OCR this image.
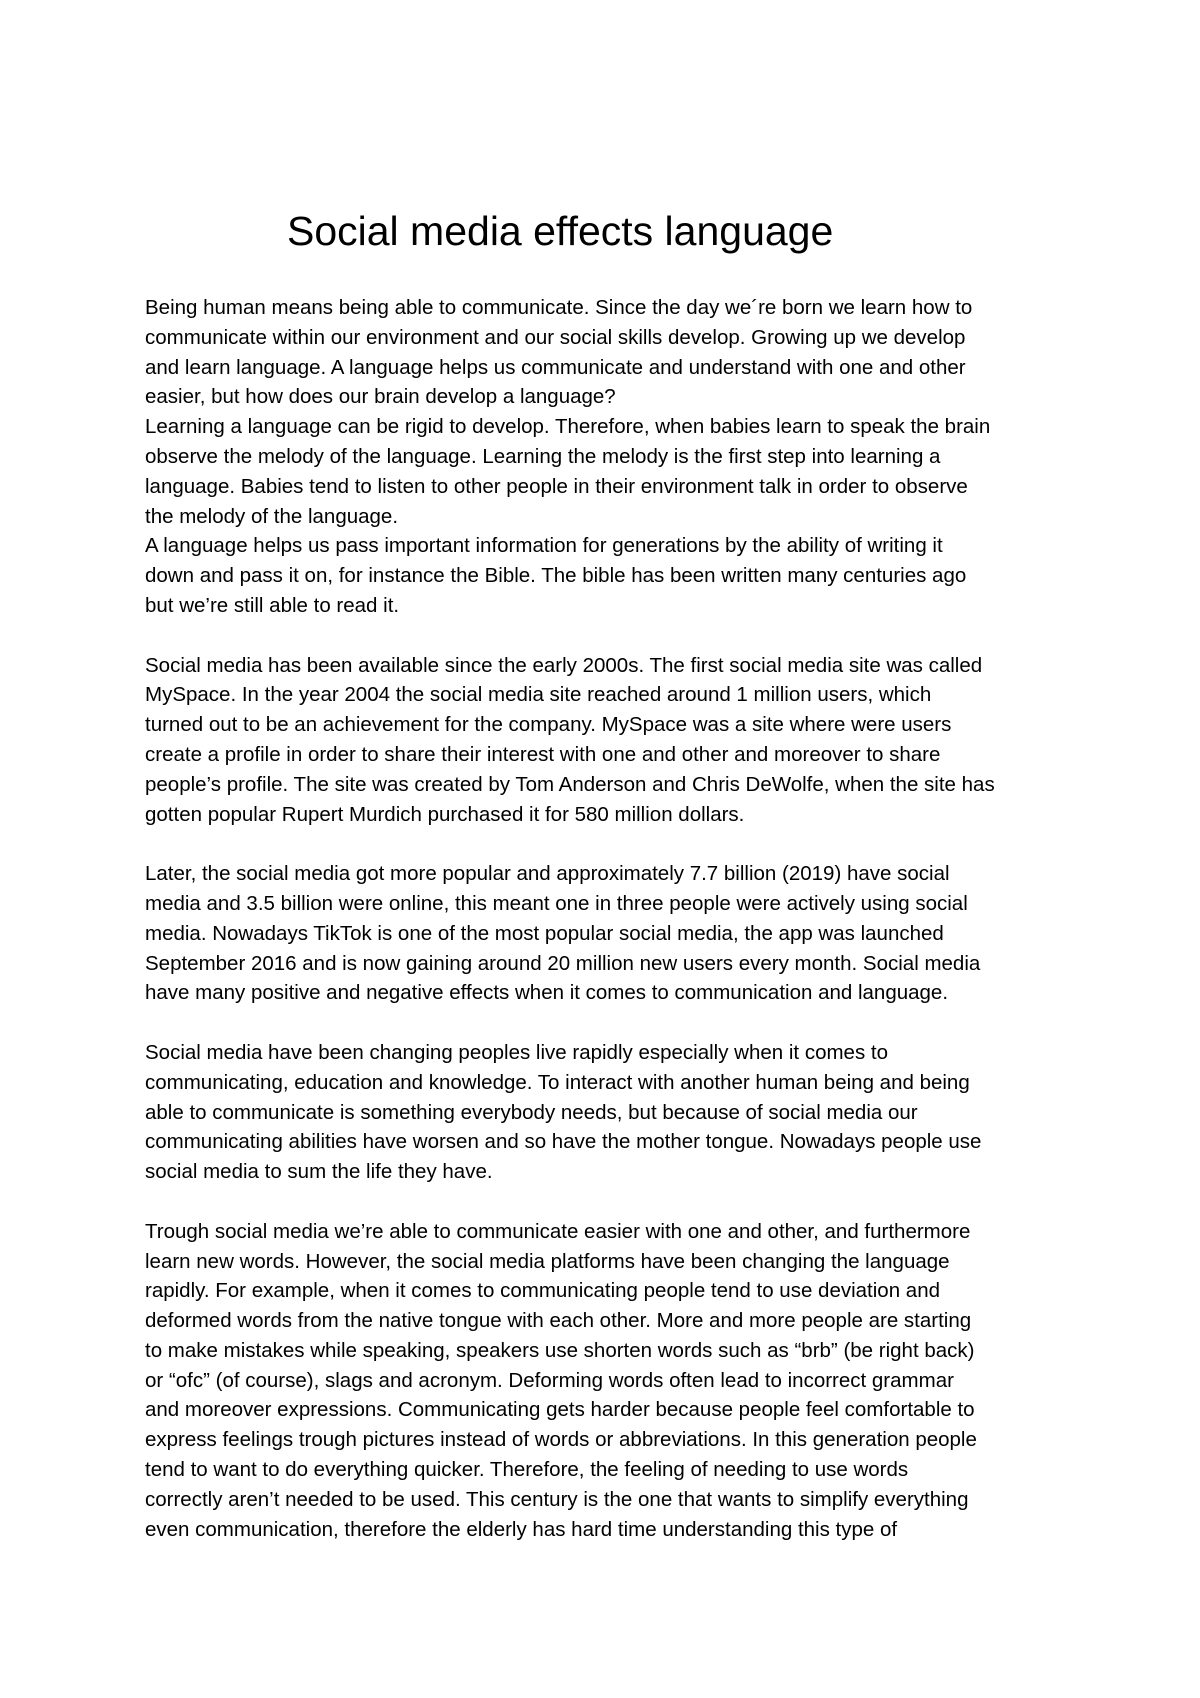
Social media effects language
Being human means being able to communicate. Since the day we´re born we learn how to
communicate within our environment and our social skills develop. Growing up we develop
and learn language. A language helps us communicate and understand with one and other
easier, but how does our brain develop a language?
Learning a language can be rigid to develop. Therefore, when babies learn to speak the brain
observe the melody of the language. Learning the melody is the first step into learning a
language. Babies tend to listen to other people in their environment talk in order to observe
the melody of the language.
A language helps us pass important information for generations by the ability of writing it
down and pass it on, for instance the Bible. The bible has been written many centuries ago
but we’re still able to read it.
Social media has been available since the early 2000s. The first social media site was called
MySpace. In the year 2004 the social media site reached around 1 million users, which
turned out to be an achievement for the company. MySpace was a site where were users
create a profile in order to share their interest with one and other and moreover to share
people’s profile. The site was created by Tom Anderson and Chris DeWolfe, when the site has
gotten popular Rupert Murdich purchased it for 580 million dollars.
Later, the social media got more popular and approximately 7.7 billion (2019) have social
media and 3.5 billion were online, this meant one in three people were actively using social
media. Nowadays TikTok is one of the most popular social media, the app was launched
September 2016 and is now gaining around 20 million new users every month. Social media
have many positive and negative effects when it comes to communication and language.
Social media have been changing peoples live rapidly especially when it comes to
communicating, education and knowledge. To interact with another human being and being
able to communicate is something everybody needs, but because of social media our
communicating abilities have worsen and so have the mother tongue. Nowadays people use
social media to sum the life they have.
Trough social media we’re able to communicate easier with one and other, and furthermore
learn new words. However, the social media platforms have been changing the language
rapidly. For example, when it comes to communicating people tend to use deviation and
deformed words from the native tongue with each other. More and more people are starting
to make mistakes while speaking, speakers use shorten words such as “brb” (be right back)
or “ofc” (of course), slags and acronym. Deforming words often lead to incorrect grammar
and moreover expressions. Communicating gets harder because people feel comfortable to
express feelings trough pictures instead of words or abbreviations. In this generation people
tend to want to do everything quicker. Therefore, the feeling of needing to use words
correctly aren’t needed to be used. This century is the one that wants to simplify everything
even communication, therefore the elderly has hard time understanding this type of
